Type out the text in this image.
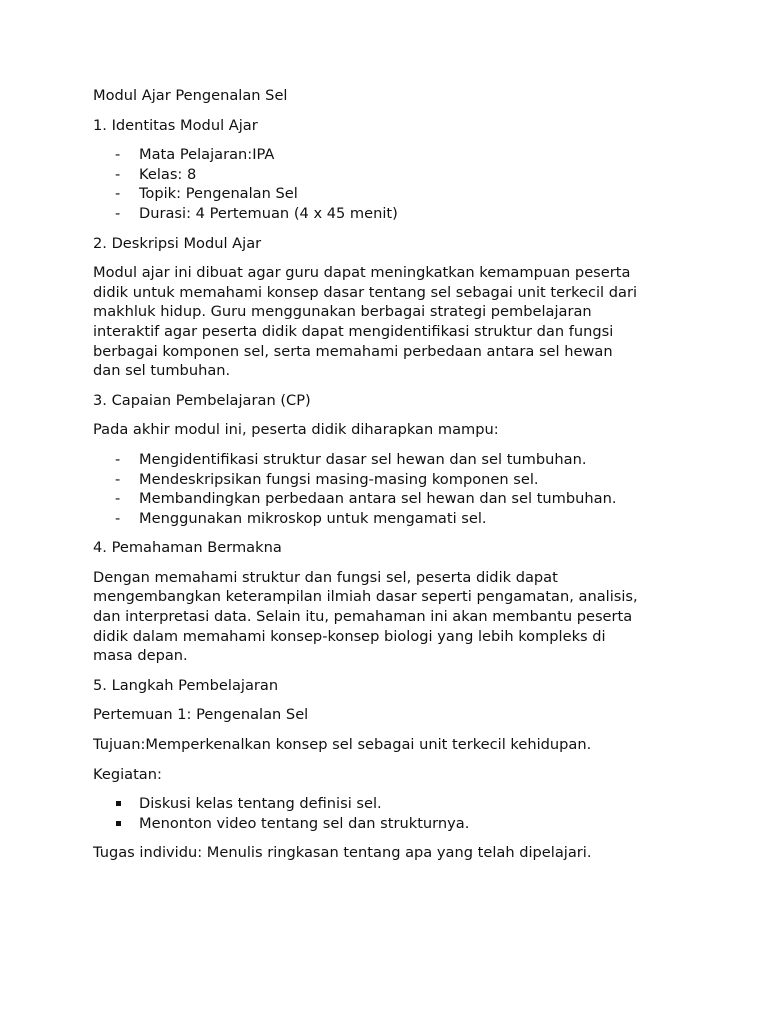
Modul Ajar Pengenalan Sel

1. Identitas Modul Ajar

- Mata Pelajaran:IPA
- Kelas: 8
- Topik: Pengenalan Sel
- Durasi: 4 Pertemuan (4 x 45 menit)

2. Deskripsi Modul Ajar

Modul ajar ini dibuat agar guru dapat meningkatkan kemampuan peserta
didik untuk memahami konsep dasar tentang sel sebagai unit terkecil dari
makhluk hidup. Guru menggunakan berbagai strategi pembelajaran
interaktif agar peserta didik dapat mengidentifikasi struktur dan fungsi
berbagai komponen sel, serta memahami perbedaan antara sel hewan
dan sel tumbuhan.

3. Capaian Pembelajaran (CP)

Pada akhir modul ini, peserta didik diharapkan mampu:

- Mengidentifikasi struktur dasar sel hewan dan sel tumbuhan.
- Mendeskripsikan fungsi masing-masing komponen sel.
- Membandingkan perbedaan antara sel hewan dan sel tumbuhan.
- Menggunakan mikroskop untuk mengamati sel.

4. Pemahaman Bermakna

Dengan memahami struktur dan fungsi sel, peserta didik dapat
mengembangkan keterampilan ilmiah dasar seperti pengamatan, analisis,
dan interpretasi data. Selain itu, pemahaman ini akan membantu peserta
didik dalam memahami konsep-konsep biologi yang lebih kompleks di
masa depan.

5. Langkah Pembelajaran

Pertemuan 1: Pengenalan Sel

Tujuan:Memperkenalkan konsep sel sebagai unit terkecil kehidupan.

Kegiatan:

Diskusi kelas tentang definisi sel.
Menonton video tentang sel dan strukturnya.

Tugas individu: Menulis ringkasan tentang apa yang telah dipelajari.
